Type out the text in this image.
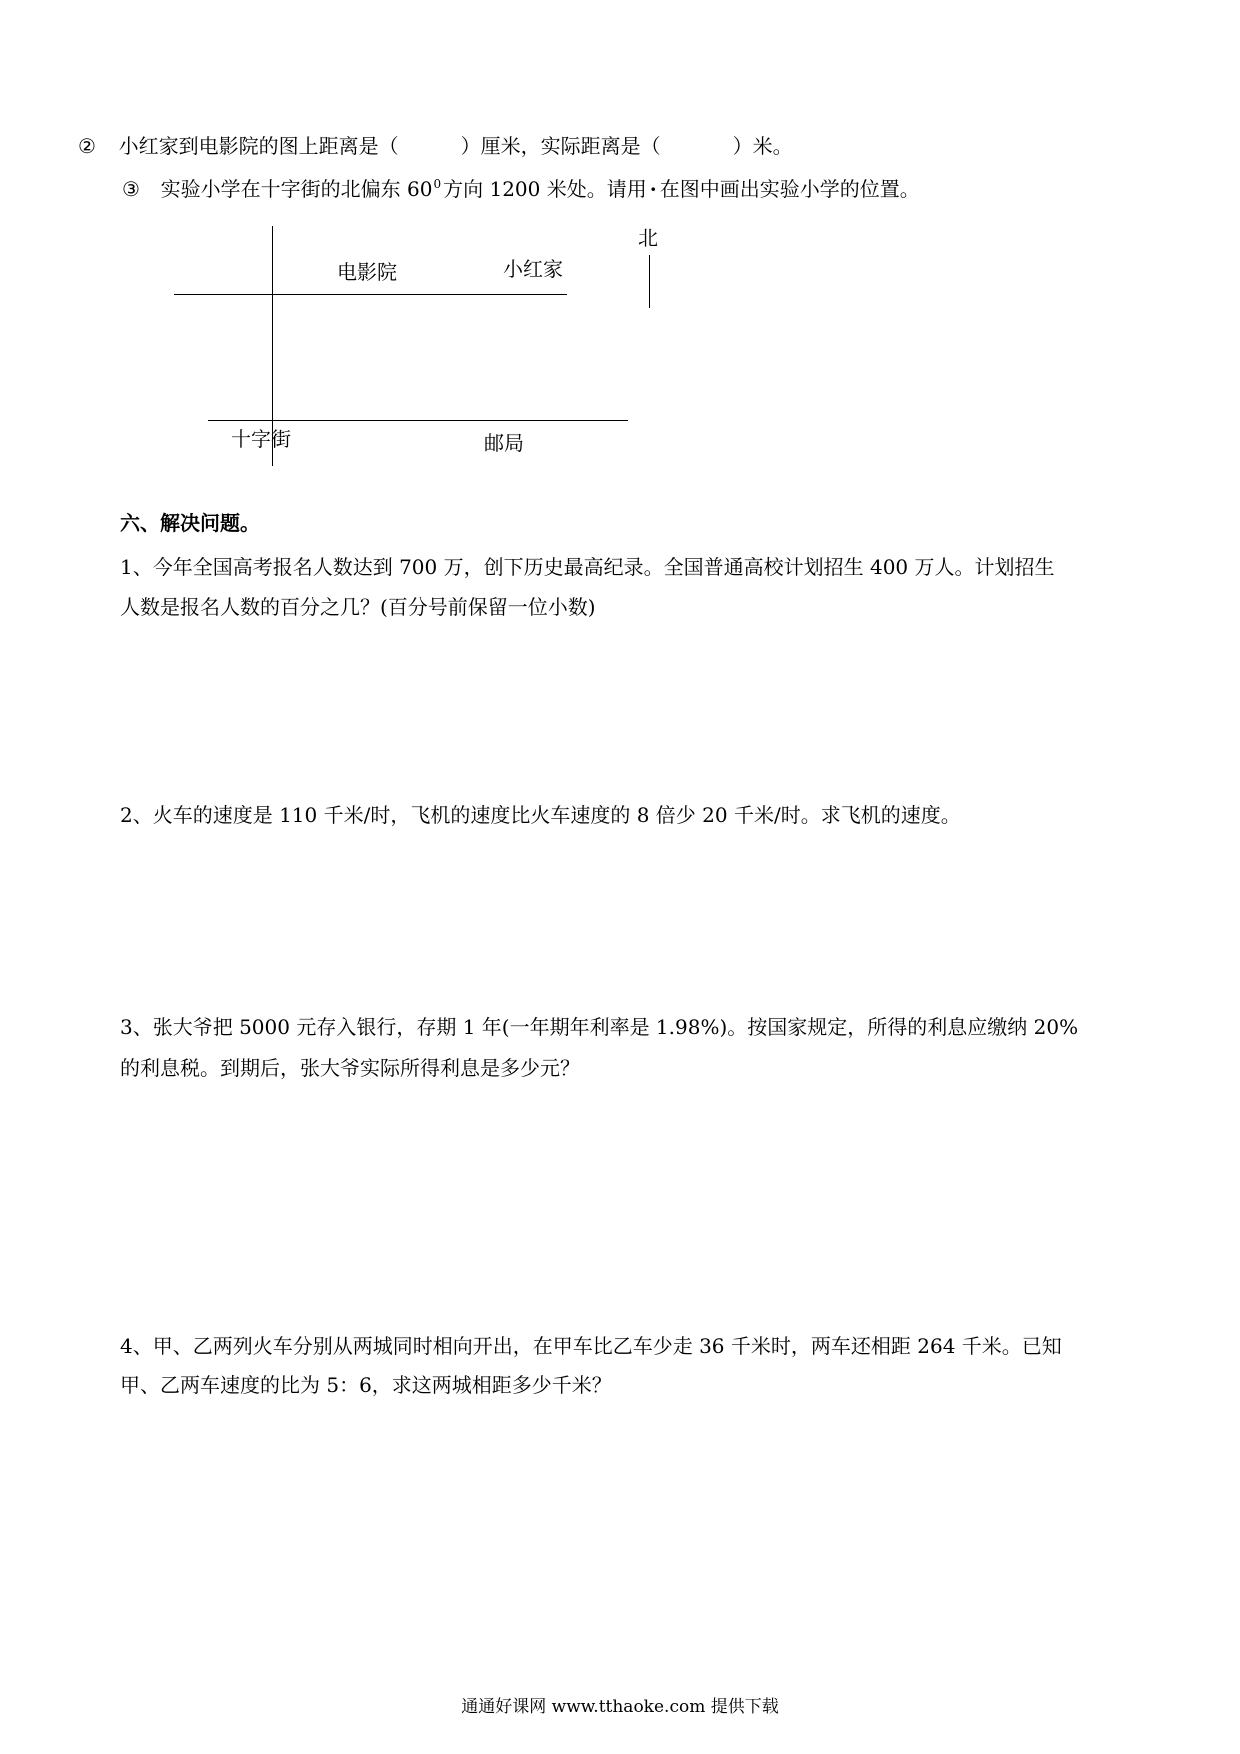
② 小红家到电影院的图上距离是（	）厘米，实际距离是（	）米。
③ 实验小学在十字街的北偏东 $60^0$ 方向 1200 米处。请用 · 在图中画出实验小学的位置。
北
电影院	小红家
十字街	邮局
六、解决问题。
1、今年全国高考报名人数达到 700 万，创下历史最高纪录。全国普通高校计划招生 400 万人。计划招生
人数是报名人数的百分之几？(百分号前保留一位小数)
2、火车的速度是 110 千米/时，飞机的速度比火车速度的 8 倍少 20 千米/时。求飞机的速度。
3、张大爷把 5000 元存入银行，存期 1 年(一年期年利率是 1.98%)。按国家规定，所得的利息应缴纳 20%
的利息税。到期后，张大爷实际所得利息是多少元？
4、甲、乙两列火车分别从两城同时相向开出，在甲车比乙车少走 36 千米时，两车还相距 264 千米。已知
甲、乙两车速度的比为 5：6，求这两城相距多少千米？
通通好课网 www.tthaoke.com 提供下载
